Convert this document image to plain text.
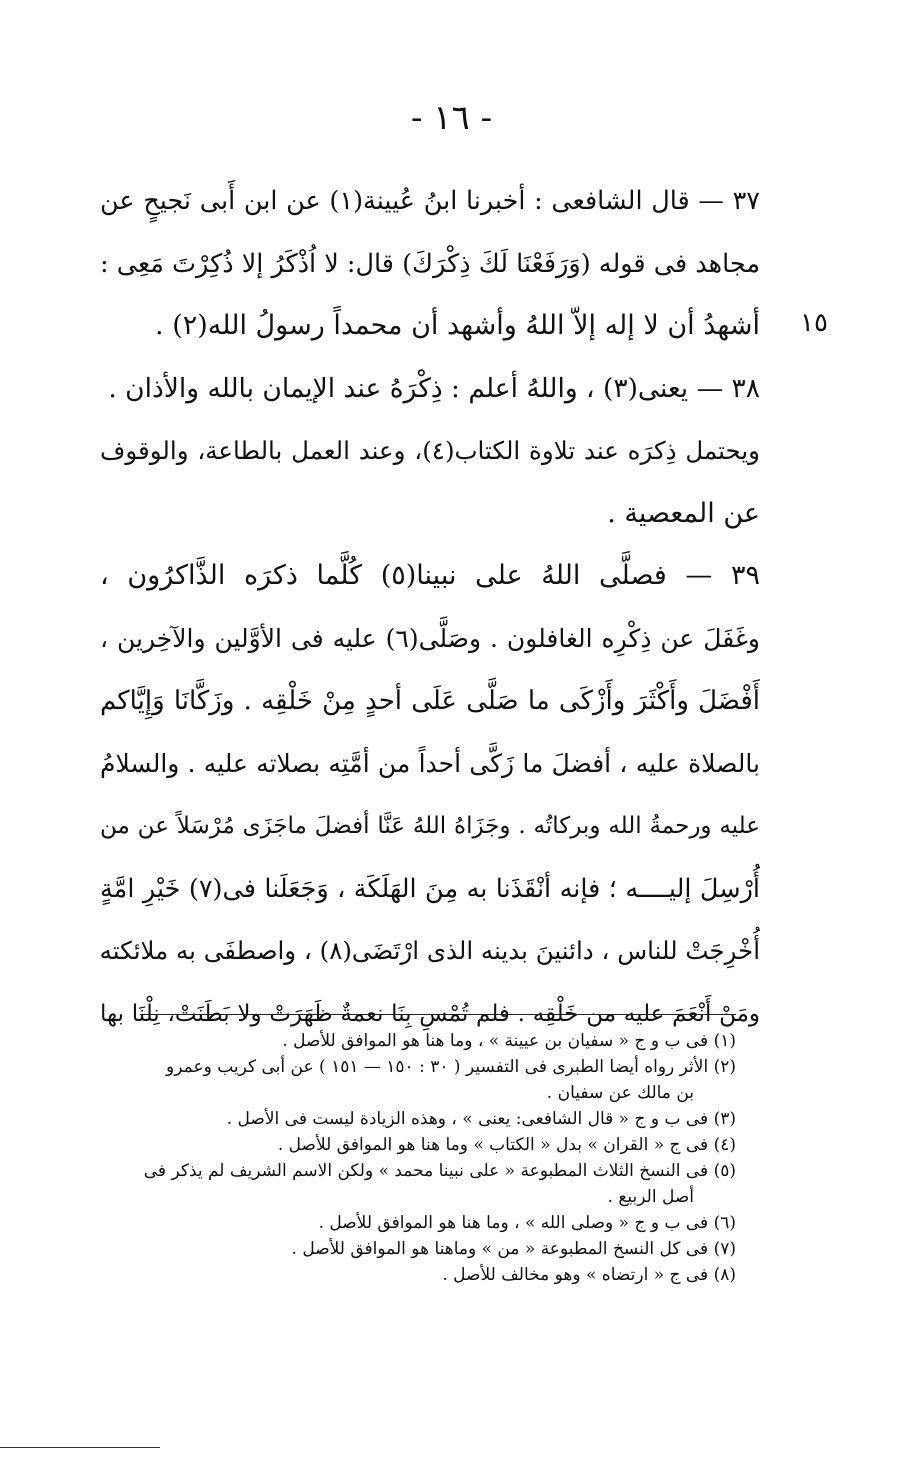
- ١٦ -
١٥
٣٧ — قال الشافعى : أخبرنا ابنُ عُيينة(١) عن ابن أَبى نَجيحٍ عن
مجاهد فى قوله (وَرَفَعْنَا لَكَ ذِكْرَكَ) قال: لا اُذْكَرُ إلا ذُكِرْتَ مَعِى :
أشهدُ أن لا إله إلاّ اللهُ وأشهد أن محمداً رسولُ الله(٢) .
٣٨ — يعنى(٣) ، واللهُ أعلم : ذِكْرَهُ عند الإيمان بالله والأذان .
ويحتمل ذِكرَه عند تلاوة الكتاب(٤)، وعند العمل بالطاعة، والوقوف
عن المعصية .
٣٩ — فصلَّى اللهُ على نبينا(٥) كُلَّما ذكرَه الذَّاكرُون ،
وغَفَلَ عن ذِكْرِه الغافلون . وصَلَّى(٦) عليه فى الأوَّلين والآخِرين ،
أَفْضَلَ وأَكْثَرَ وأَزْكَى ما صَلَّى عَلَى أحدٍ مِنْ خَلْقِه . وزَكَّانَا وَإِيَّاكم
بالصلاة عليه ، أفضلَ ما زَكَّى أحداً من أمَّتِه بصلاته عليه . والسلامُ
عليه ورحمةُ الله وبركاتُه . وجَزَاهُ اللهُ عَنَّا أفضلَ ماجَزَى مُرْسَلاً عن من
أُرْسِلَ إليــــه ؛ فإنه أنْقَذَنا به مِنَ الهَلَكَة ، وَجَعَلَنا فى(٧) خَيْرِ امَّةٍ
أُخْرِجَتْ للناس ، دائنينَ بدينه الذى ارْتَضَى(٨) ، واصطفَى به ملائكته
ومَنْ أَنْعَمَ عليه من خَلْقِه . فلم تُمْسِ بِنَا نعمةٌ ظَهَرَتْ ولا بَطَنَتْ، نِلْنَا بها
(١) فى ب و ج « سفيان بن عيينة » ، وما هنا هو الموافق للأصل .
(٢) الأثر رواه أيضا الطبرى فى التفسير ( ٣٠ : ١٥٠ — ١٥١ ) عن أبى كريب وعمرو
بن مالك عن سفيان .
(٣) فى ب و ج « قال الشافعى: يعنى » ، وهذه الزيادة ليست فى الأصل .
(٤) فى ج « القران » بدل « الكتاب » وما هنا هو الموافق للأصل .
(٥) فى النسخ الثلاث المطبوعة « على نبينا محمد » ولكن الاسم الشريف لم يذكر فى
أصل الربيع .
(٦) فى ب و ج « وصلى الله » ، وما هنا هو الموافق للأصل .
(٧) فى كل النسخ المطبوعة « من » وماهنا هو الموافق للأصل .
(٨) فى ج « ارتضاه » وهو مخالف للأصل .
